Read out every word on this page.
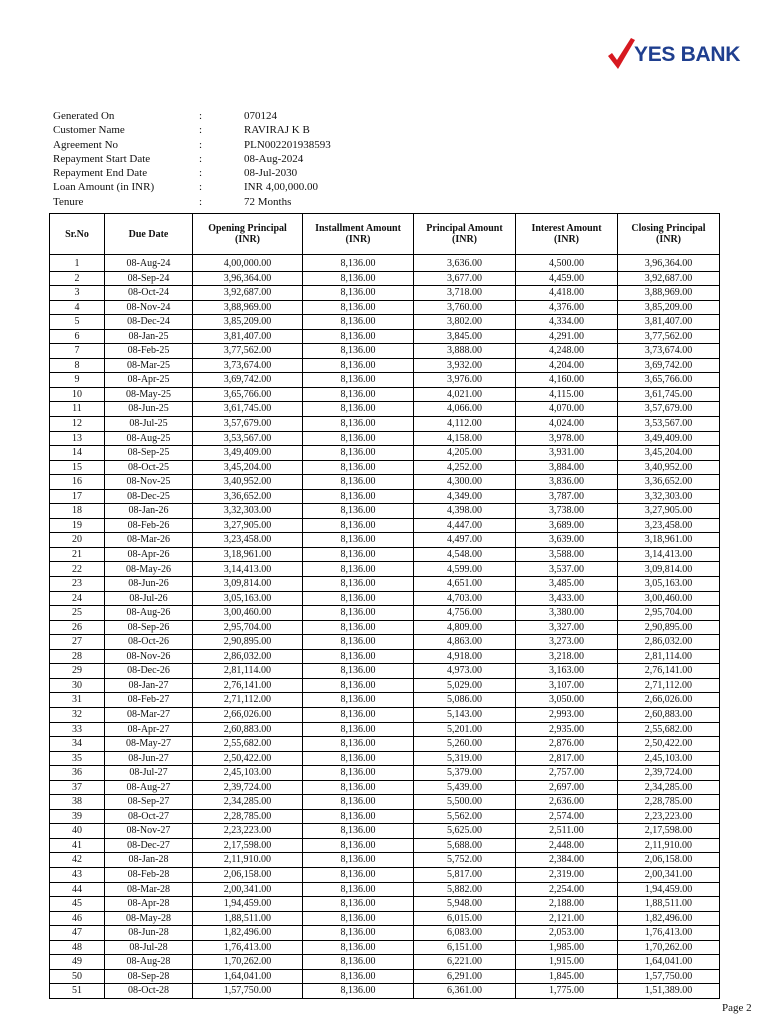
YES BANK
Generated On	:	070124
Customer Name	:	RAVIRAJ K B
Agreement No	:	PLN002201938593
Repayment Start Date	:	08-Aug-2024
Repayment End Date	:	08-Jul-2030
Loan Amount (in INR)	:	INR 4,00,000.00
Tenure	:	72 Months
Sr.No	Due Date	Opening Principal (INR)	Installment Amount (INR)	Principal Amount (INR)	Interest Amount (INR)	Closing Principal (INR)
1	08-Aug-24	4,00,000.00	8,136.00	3,636.00	4,500.00	3,96,364.00
2	08-Sep-24	3,96,364.00	8,136.00	3,677.00	4,459.00	3,92,687.00
3	08-Oct-24	3,92,687.00	8,136.00	3,718.00	4,418.00	3,88,969.00
4	08-Nov-24	3,88,969.00	8,136.00	3,760.00	4,376.00	3,85,209.00
5	08-Dec-24	3,85,209.00	8,136.00	3,802.00	4,334.00	3,81,407.00
6	08-Jan-25	3,81,407.00	8,136.00	3,845.00	4,291.00	3,77,562.00
7	08-Feb-25	3,77,562.00	8,136.00	3,888.00	4,248.00	3,73,674.00
8	08-Mar-25	3,73,674.00	8,136.00	3,932.00	4,204.00	3,69,742.00
9	08-Apr-25	3,69,742.00	8,136.00	3,976.00	4,160.00	3,65,766.00
10	08-May-25	3,65,766.00	8,136.00	4,021.00	4,115.00	3,61,745.00
11	08-Jun-25	3,61,745.00	8,136.00	4,066.00	4,070.00	3,57,679.00
12	08-Jul-25	3,57,679.00	8,136.00	4,112.00	4,024.00	3,53,567.00
13	08-Aug-25	3,53,567.00	8,136.00	4,158.00	3,978.00	3,49,409.00
14	08-Sep-25	3,49,409.00	8,136.00	4,205.00	3,931.00	3,45,204.00
15	08-Oct-25	3,45,204.00	8,136.00	4,252.00	3,884.00	3,40,952.00
16	08-Nov-25	3,40,952.00	8,136.00	4,300.00	3,836.00	3,36,652.00
17	08-Dec-25	3,36,652.00	8,136.00	4,349.00	3,787.00	3,32,303.00
18	08-Jan-26	3,32,303.00	8,136.00	4,398.00	3,738.00	3,27,905.00
19	08-Feb-26	3,27,905.00	8,136.00	4,447.00	3,689.00	3,23,458.00
20	08-Mar-26	3,23,458.00	8,136.00	4,497.00	3,639.00	3,18,961.00
21	08-Apr-26	3,18,961.00	8,136.00	4,548.00	3,588.00	3,14,413.00
22	08-May-26	3,14,413.00	8,136.00	4,599.00	3,537.00	3,09,814.00
23	08-Jun-26	3,09,814.00	8,136.00	4,651.00	3,485.00	3,05,163.00
24	08-Jul-26	3,05,163.00	8,136.00	4,703.00	3,433.00	3,00,460.00
25	08-Aug-26	3,00,460.00	8,136.00	4,756.00	3,380.00	2,95,704.00
26	08-Sep-26	2,95,704.00	8,136.00	4,809.00	3,327.00	2,90,895.00
27	08-Oct-26	2,90,895.00	8,136.00	4,863.00	3,273.00	2,86,032.00
28	08-Nov-26	2,86,032.00	8,136.00	4,918.00	3,218.00	2,81,114.00
29	08-Dec-26	2,81,114.00	8,136.00	4,973.00	3,163.00	2,76,141.00
30	08-Jan-27	2,76,141.00	8,136.00	5,029.00	3,107.00	2,71,112.00
31	08-Feb-27	2,71,112.00	8,136.00	5,086.00	3,050.00	2,66,026.00
32	08-Mar-27	2,66,026.00	8,136.00	5,143.00	2,993.00	2,60,883.00
33	08-Apr-27	2,60,883.00	8,136.00	5,201.00	2,935.00	2,55,682.00
34	08-May-27	2,55,682.00	8,136.00	5,260.00	2,876.00	2,50,422.00
35	08-Jun-27	2,50,422.00	8,136.00	5,319.00	2,817.00	2,45,103.00
36	08-Jul-27	2,45,103.00	8,136.00	5,379.00	2,757.00	2,39,724.00
37	08-Aug-27	2,39,724.00	8,136.00	5,439.00	2,697.00	2,34,285.00
38	08-Sep-27	2,34,285.00	8,136.00	5,500.00	2,636.00	2,28,785.00
39	08-Oct-27	2,28,785.00	8,136.00	5,562.00	2,574.00	2,23,223.00
40	08-Nov-27	2,23,223.00	8,136.00	5,625.00	2,511.00	2,17,598.00
41	08-Dec-27	2,17,598.00	8,136.00	5,688.00	2,448.00	2,11,910.00
42	08-Jan-28	2,11,910.00	8,136.00	5,752.00	2,384.00	2,06,158.00
43	08-Feb-28	2,06,158.00	8,136.00	5,817.00	2,319.00	2,00,341.00
44	08-Mar-28	2,00,341.00	8,136.00	5,882.00	2,254.00	1,94,459.00
45	08-Apr-28	1,94,459.00	8,136.00	5,948.00	2,188.00	1,88,511.00
46	08-May-28	1,88,511.00	8,136.00	6,015.00	2,121.00	1,82,496.00
47	08-Jun-28	1,82,496.00	8,136.00	6,083.00	2,053.00	1,76,413.00
48	08-Jul-28	1,76,413.00	8,136.00	6,151.00	1,985.00	1,70,262.00
49	08-Aug-28	1,70,262.00	8,136.00	6,221.00	1,915.00	1,64,041.00
50	08-Sep-28	1,64,041.00	8,136.00	6,291.00	1,845.00	1,57,750.00
51	08-Oct-28	1,57,750.00	8,136.00	6,361.00	1,775.00	1,51,389.00
Page 2
